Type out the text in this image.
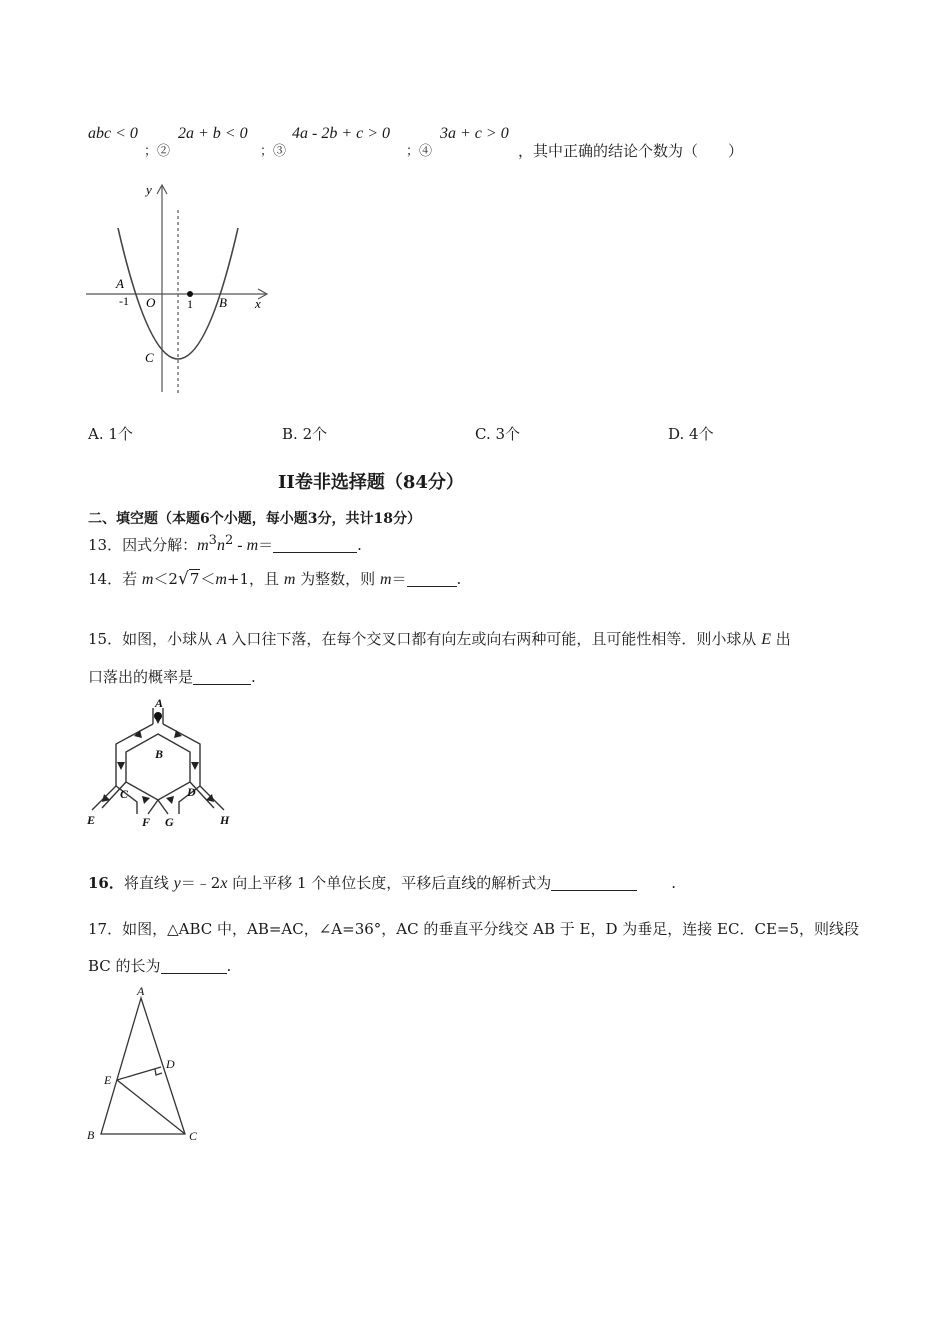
abc < 0
；②
2a + b < 0
；③
4a - 2b + c > 0
；④
3a + c > 0
，其中正确的结论个数为（　　）
y
x
A
-1 O	1 B
C
A. 1个	B. 2个	C. 3个	D. 4个
II卷非选择题（84分）
二、填空题（本题6个小题，每小题3分，共计18分）
13．因式分解：$m^3n^2 - m=$	.
14．若 m＜2√7＜m+1，且 m 为整数，则 m＝	.
15．如图，小球从 A 入口往下落，在每个交叉口都有向左或向右两种可能，且可能性相等．则小球从 E 出
口落出的概率是	.
A
B
C	D
E	F G	H
16．将直线 y＝﹣2x 向上平移 1 个单位长度，平移后直线的解析式为	.
17．如图，△ABC 中，AB=AC，∠A=36°，AC 的垂直平分线交 AB 于 E，D 为垂足，连接 EC．CE=5，则线段
BC 的长为	.
A
D
E
B	C
